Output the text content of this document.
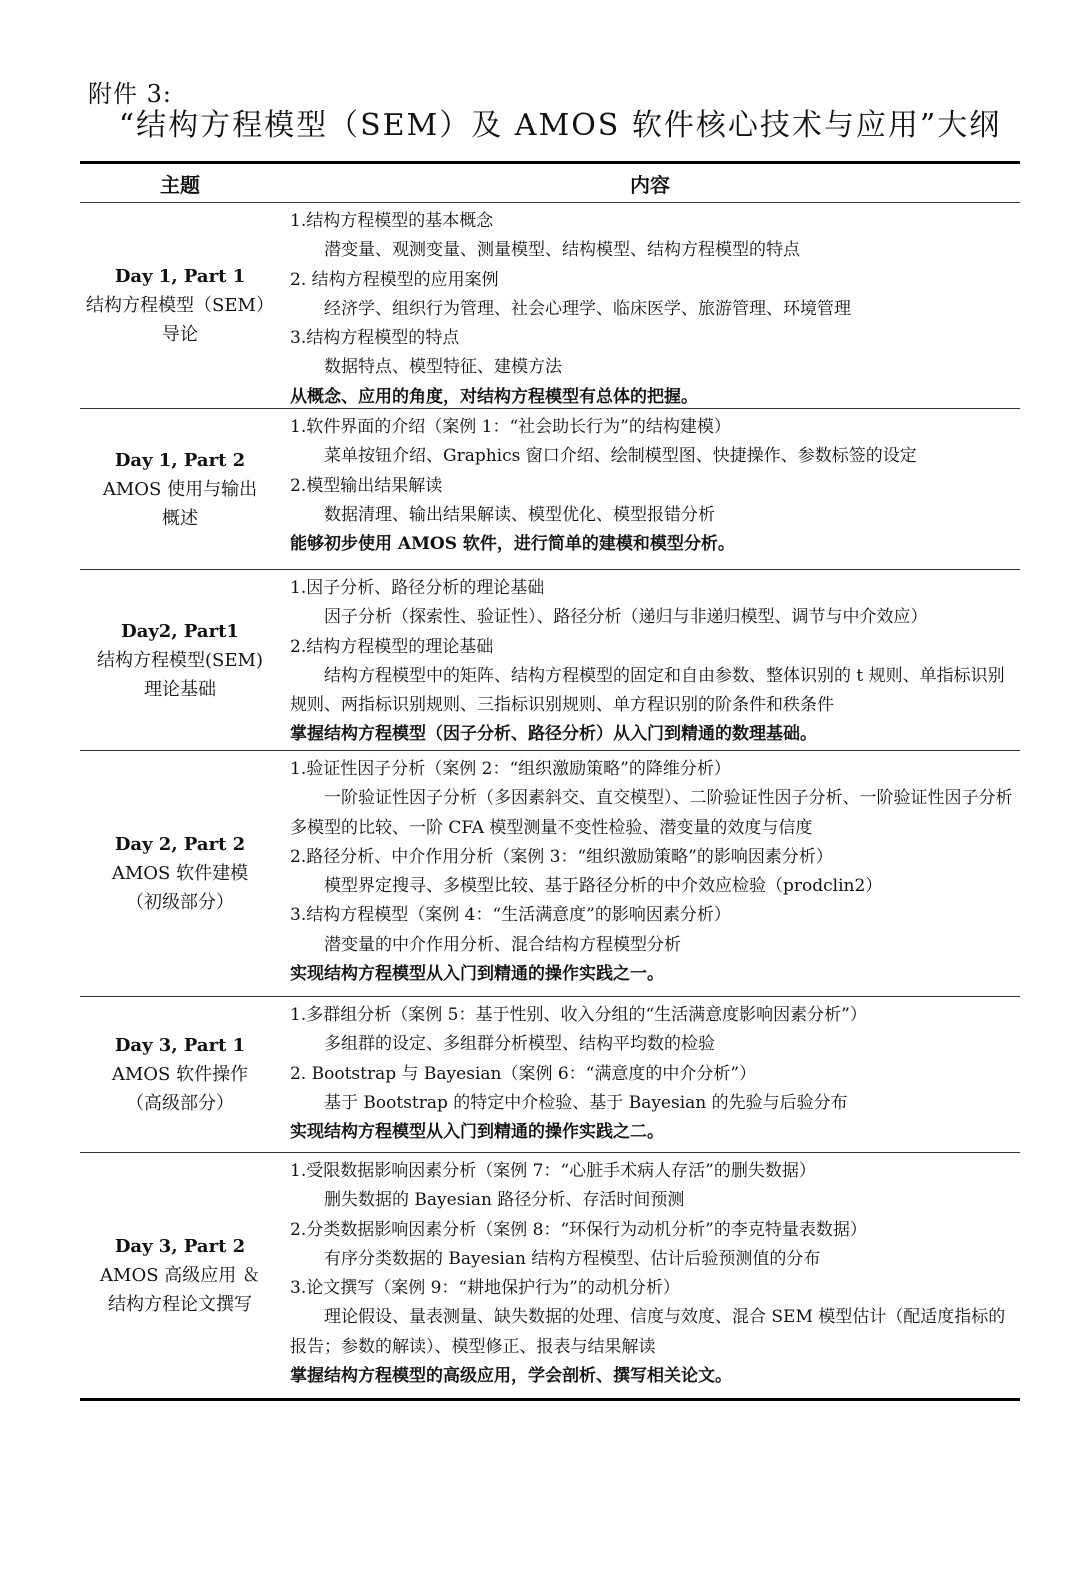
附件 3:
“结构方程模型（SEM）及 AMOS 软件核心技术与应用”大纲
主题	内容
Day 1, Part 1
结构方程模型（SEM）
导论
1.结构方程模型的基本概念
潜变量、观测变量、测量模型、结构模型、结构方程模型的特点
2. 结构方程模型的应用案例
经济学、组织行为管理、社会心理学、临床医学、旅游管理、环境管理
3.结构方程模型的特点
数据特点、模型特征、建模方法
从概念、应用的角度，对结构方程模型有总体的把握。
Day 1, Part 2
AMOS 使用与输出
概述
1.软件界面的介绍（案例 1：“社会助长行为”的结构建模）
菜单按钮介绍、Graphics 窗口介绍、绘制模型图、快捷操作、参数标签的设定
2.模型输出结果解读
数据清理、输出结果解读、模型优化、模型报错分析
能够初步使用 AMOS 软件，进行简单的建模和模型分析。
Day2, Part1
结构方程模型(SEM)
理论基础
1.因子分析、路径分析的理论基础
因子分析（探索性、验证性）、路径分析（递归与非递归模型、调节与中介效应）
2.结构方程模型的理论基础
结构方程模型中的矩阵、结构方程模型的固定和自由参数、整体识别的 t 规则、单指标识别规则、两指标识别规则、三指标识别规则、单方程识别的阶条件和秩条件
掌握结构方程模型（因子分析、路径分析）从入门到精通的数理基础。
Day 2, Part 2
AMOS 软件建模
（初级部分）
1.验证性因子分析（案例 2：“组织激励策略”的降维分析）
一阶验证性因子分析（多因素斜交、直交模型）、二阶验证性因子分析、一阶验证性因子分析多模型的比较、一阶 CFA 模型测量不变性检验、潜变量的效度与信度
2.路径分析、中介作用分析（案例 3：“组织激励策略”的影响因素分析）
模型界定搜寻、多模型比较、基于路径分析的中介效应检验（prodclin2）
3.结构方程模型（案例 4：“生活满意度”的影响因素分析）
潜变量的中介作用分析、混合结构方程模型分析
实现结构方程模型从入门到精通的操作实践之一。
Day 3, Part 1
AMOS 软件操作
（高级部分）
1.多群组分析（案例 5：基于性别、收入分组的“生活满意度影响因素分析”）
多组群的设定、多组群分析模型、结构平均数的检验
2. Bootstrap 与 Bayesian（案例 6：“满意度的中介分析”）
基于 Bootstrap 的特定中介检验、基于 Bayesian 的先验与后验分布
实现结构方程模型从入门到精通的操作实践之二。
Day 3, Part 2
AMOS 高级应用 ＆
结构方程论文撰写
1.受限数据影响因素分析（案例 7：“心脏手术病人存活”的删失数据）
删失数据的 Bayesian 路径分析、存活时间预测
2.分类数据影响因素分析（案例 8：“环保行为动机分析”的李克特量表数据）
有序分类数据的 Bayesian 结构方程模型、估计后验预测值的分布
3.论文撰写（案例 9：“耕地保护行为”的动机分析）
理论假设、量表测量、缺失数据的处理、信度与效度、混合 SEM 模型估计（配适度指标的报告；参数的解读）、模型修正、报表与结果解读
掌握结构方程模型的高级应用，学会剖析、撰写相关论文。
